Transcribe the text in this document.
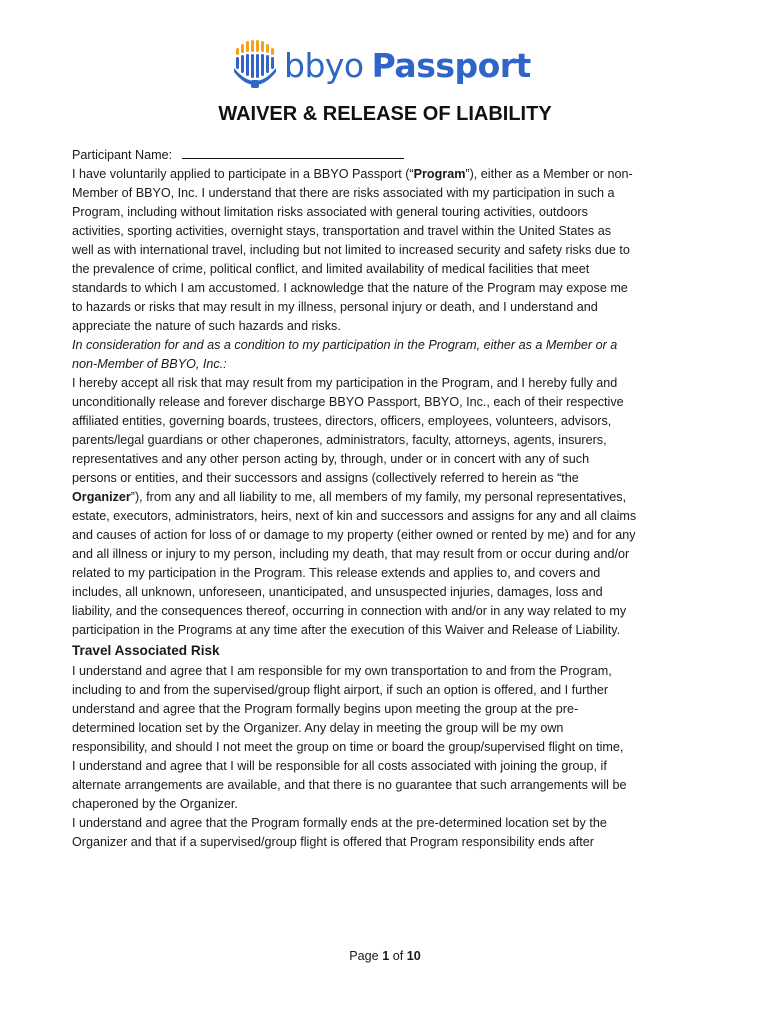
bbyo Passport
WAIVER & RELEASE OF LIABILITY

Participant Name:

I have voluntarily applied to participate in a BBYO Passport (“Program”), either as a Member or non-
Member of BBYO, Inc. I understand that there are risks associated with my participation in such a
Program, including without limitation risks associated with general touring activities, outdoors
activities, sporting activities, overnight stays, transportation and travel within the United States as
well as with international travel, including but not limited to increased security and safety risks due to
the prevalence of crime, political conflict, and limited availability of medical facilities that meet
standards to which I am accustomed. I acknowledge that the nature of the Program may expose me
to hazards or risks that may result in my illness, personal injury or death, and I understand and
appreciate the nature of such hazards and risks.

In consideration for and as a condition to my participation in the Program, either as a Member or a
non-Member of BBYO, Inc.:

I hereby accept all risk that may result from my participation in the Program, and I hereby fully and
unconditionally release and forever discharge BBYO Passport, BBYO, Inc., each of their respective
affiliated entities, governing boards, trustees, directors, officers, employees, volunteers, advisors,
parents/legal guardians or other chaperones, administrators, faculty, attorneys, agents, insurers,
representatives and any other person acting by, through, under or in concert with any of such
persons or entities, and their successors and assigns (collectively referred to herein as “the
Organizer”), from any and all liability to me, all members of my family, my personal representatives,
estate, executors, administrators, heirs, next of kin and successors and assigns for any and all claims
and causes of action for loss of or damage to my property (either owned or rented by me) and for any
and all illness or injury to my person, including my death, that may result from or occur during and/or
related to my participation in the Program. This release extends and applies to, and covers and
includes, all unknown, unforeseen, unanticipated, and unsuspected injuries, damages, loss and
liability, and the consequences thereof, occurring in connection with and/or in any way related to my
participation in the Programs at any time after the execution of this Waiver and Release of Liability.

Travel Associated Risk

I understand and agree that I am responsible for my own transportation to and from the Program,
including to and from the supervised/group flight airport, if such an option is offered, and I further
understand and agree that the Program formally begins upon meeting the group at the pre-
determined location set by the Organizer. Any delay in meeting the group will be my own
responsibility, and should I not meet the group on time or board the group/supervised flight on time,
I understand and agree that I will be responsible for all costs associated with joining the group, if
alternate arrangements are available, and that there is no guarantee that such arrangements will be
chaperoned by the Organizer.

I understand and agree that the Program formally ends at the pre-determined location set by the
Organizer and that if a supervised/group flight is offered that Program responsibility ends after

Page 1 of 10
